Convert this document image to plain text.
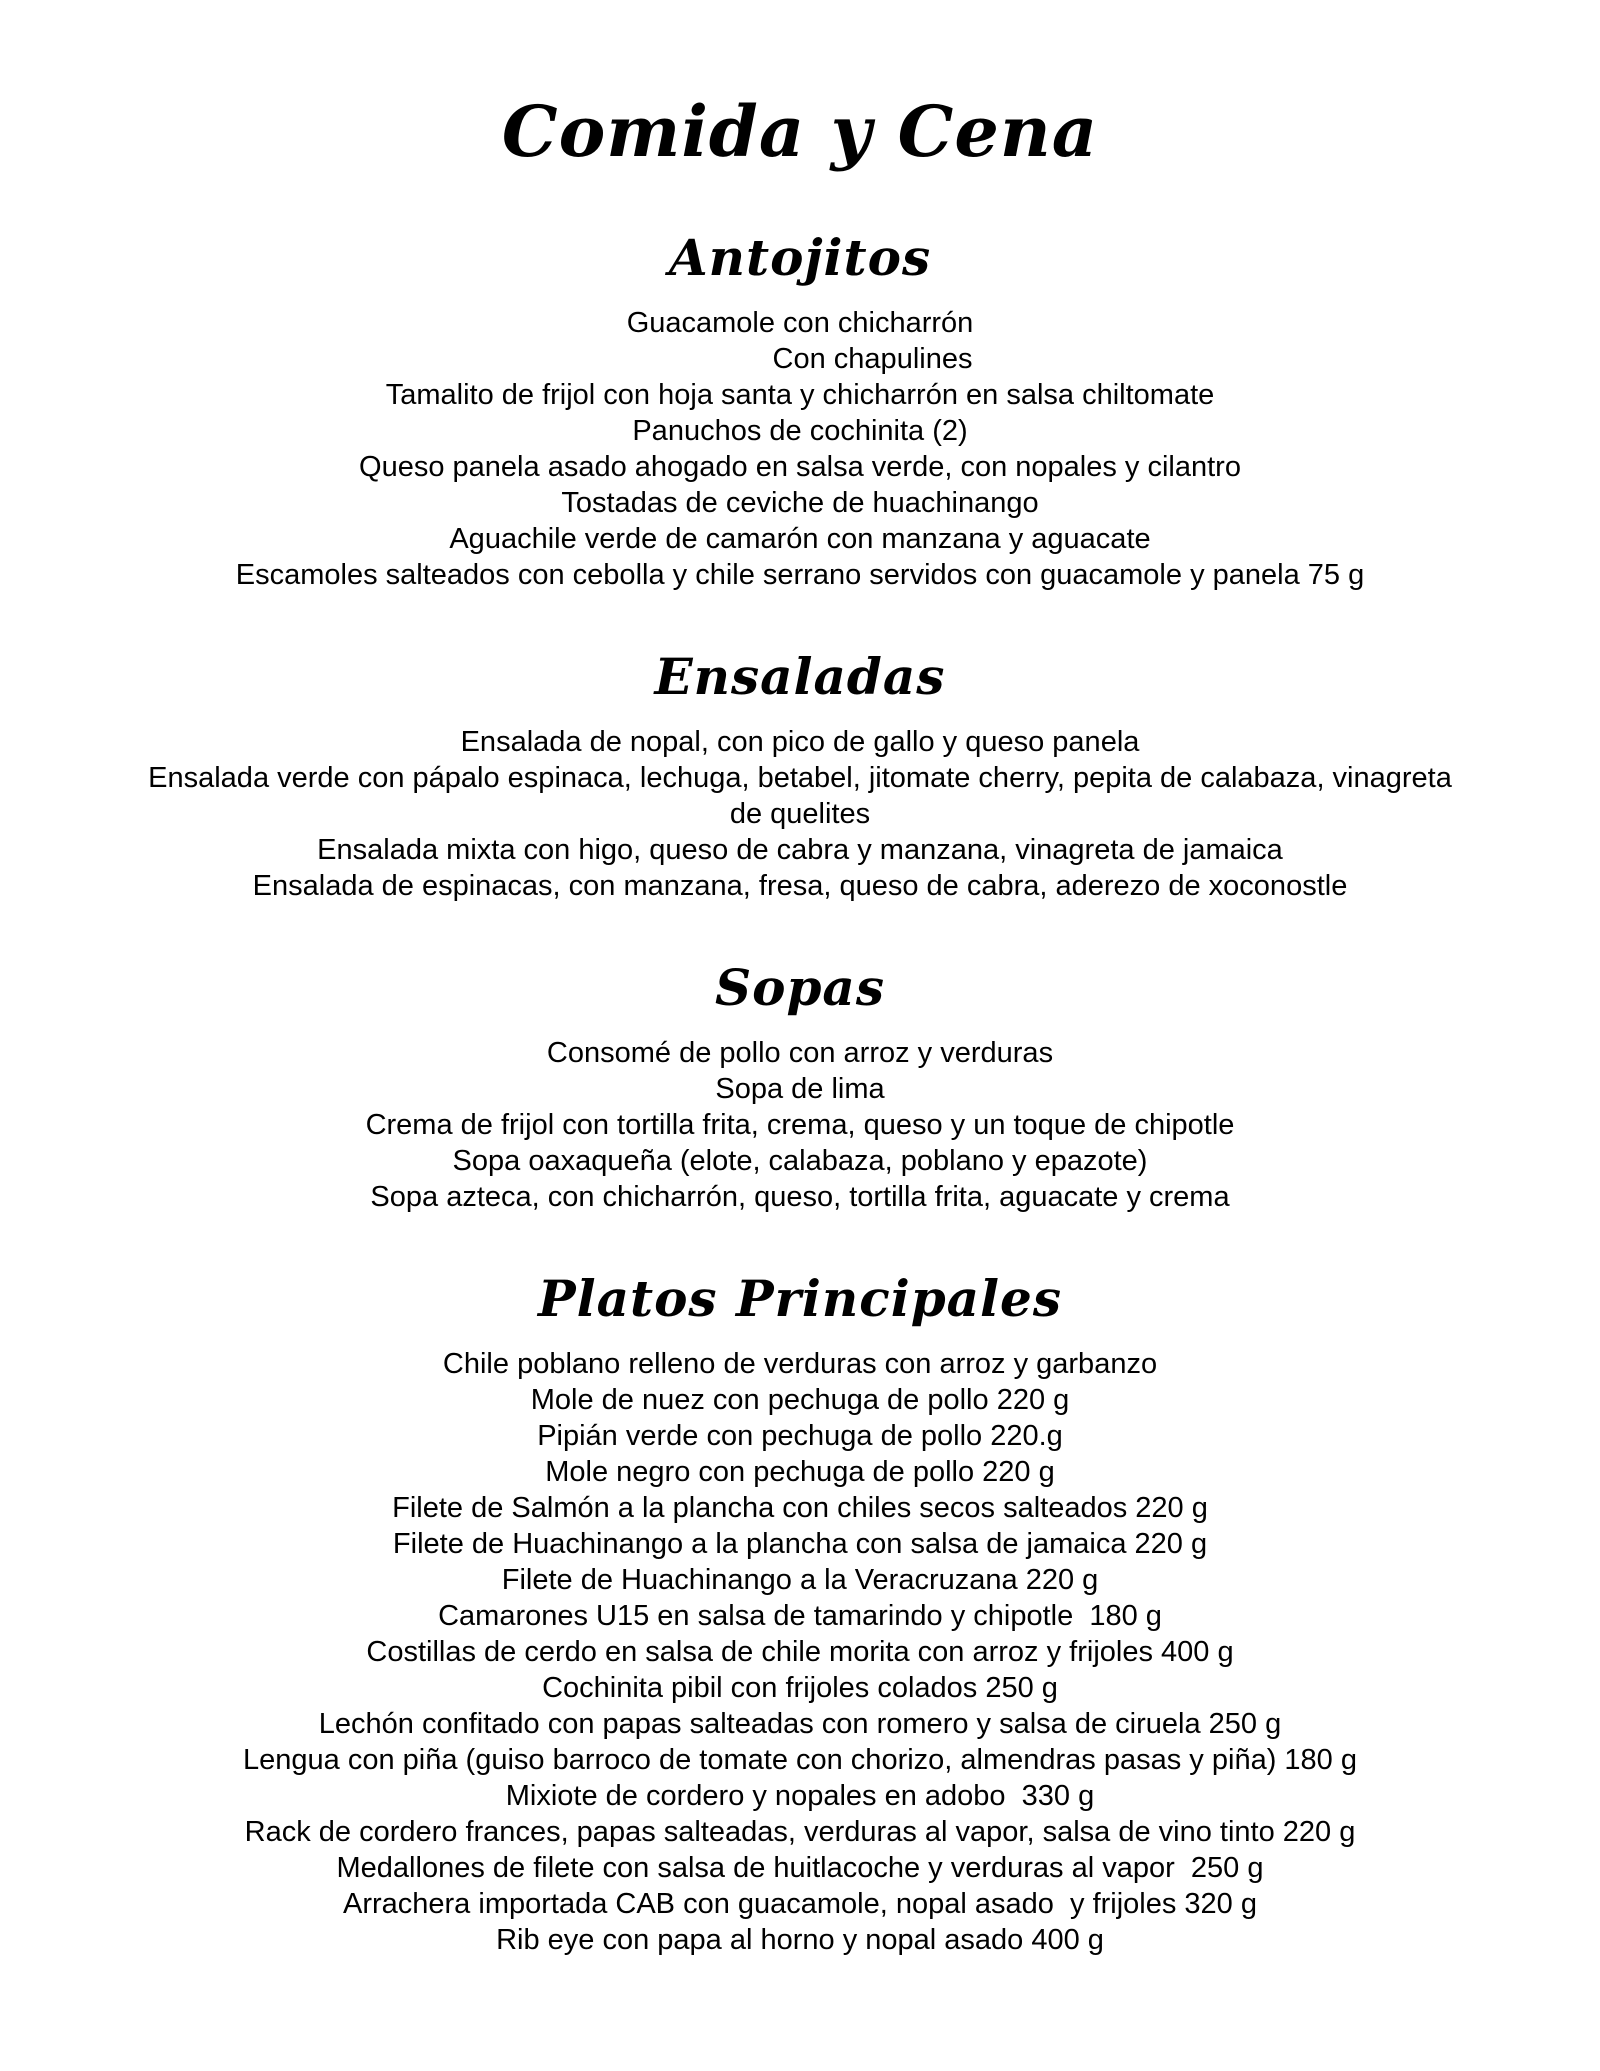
Comida y Cena
Antojitos
Guacamole con chicharrón
Con chapulines
Tamalito de frijol con hoja santa y chicharrón en salsa chiltomate
Panuchos de cochinita (2)
Queso panela asado ahogado en salsa verde, con nopales y cilantro
Tostadas de ceviche de huachinango
Aguachile verde de camarón con manzana y aguacate
Escamoles salteados con cebolla y chile serrano servidos con guacamole y panela 75 g
Ensaladas
Ensalada de nopal, con pico de gallo y queso panela
Ensalada verde con pápalo espinaca, lechuga, betabel, jitomate cherry, pepita de calabaza, vinagreta de quelites
Ensalada mixta con higo, queso de cabra y manzana, vinagreta de jamaica
Ensalada de espinacas, con manzana, fresa, queso de cabra, aderezo de xoconostle
Sopas
Consomé de pollo con arroz y verduras
Sopa de lima
Crema de frijol con tortilla frita, crema, queso y un toque de chipotle
Sopa oaxaqueña (elote, calabaza, poblano y epazote)
Sopa azteca, con chicharrón, queso, tortilla frita, aguacate y crema
Platos Principales
Chile poblano relleno de verduras con arroz y garbanzo
Mole de nuez con pechuga de pollo 220 g
Pipián verde con pechuga de pollo 220.g
Mole negro con pechuga de pollo 220 g
Filete de Salmón a la plancha con chiles secos salteados 220 g
Filete de Huachinango a la plancha con salsa de jamaica 220 g
Filete de Huachinango a la Veracruzana 220 g
Camarones U15 en salsa de tamarindo y chipotle  180 g
Costillas de cerdo en salsa de chile morita con arroz y frijoles 400 g
Cochinita pibil con frijoles colados 250 g
Lechón confitado con papas salteadas con romero y salsa de ciruela 250 g
Lengua con piña (guiso barroco de tomate con chorizo, almendras pasas y piña) 180 g
Mixiote de cordero y nopales en adobo  330 g
Rack de cordero frances, papas salteadas, verduras al vapor, salsa de vino tinto 220 g
Medallones de filete con salsa de huitlacoche y verduras al vapor  250 g
Arrachera importada CAB con guacamole, nopal asado  y frijoles 320 g
Rib eye con papa al horno y nopal asado 400 g
